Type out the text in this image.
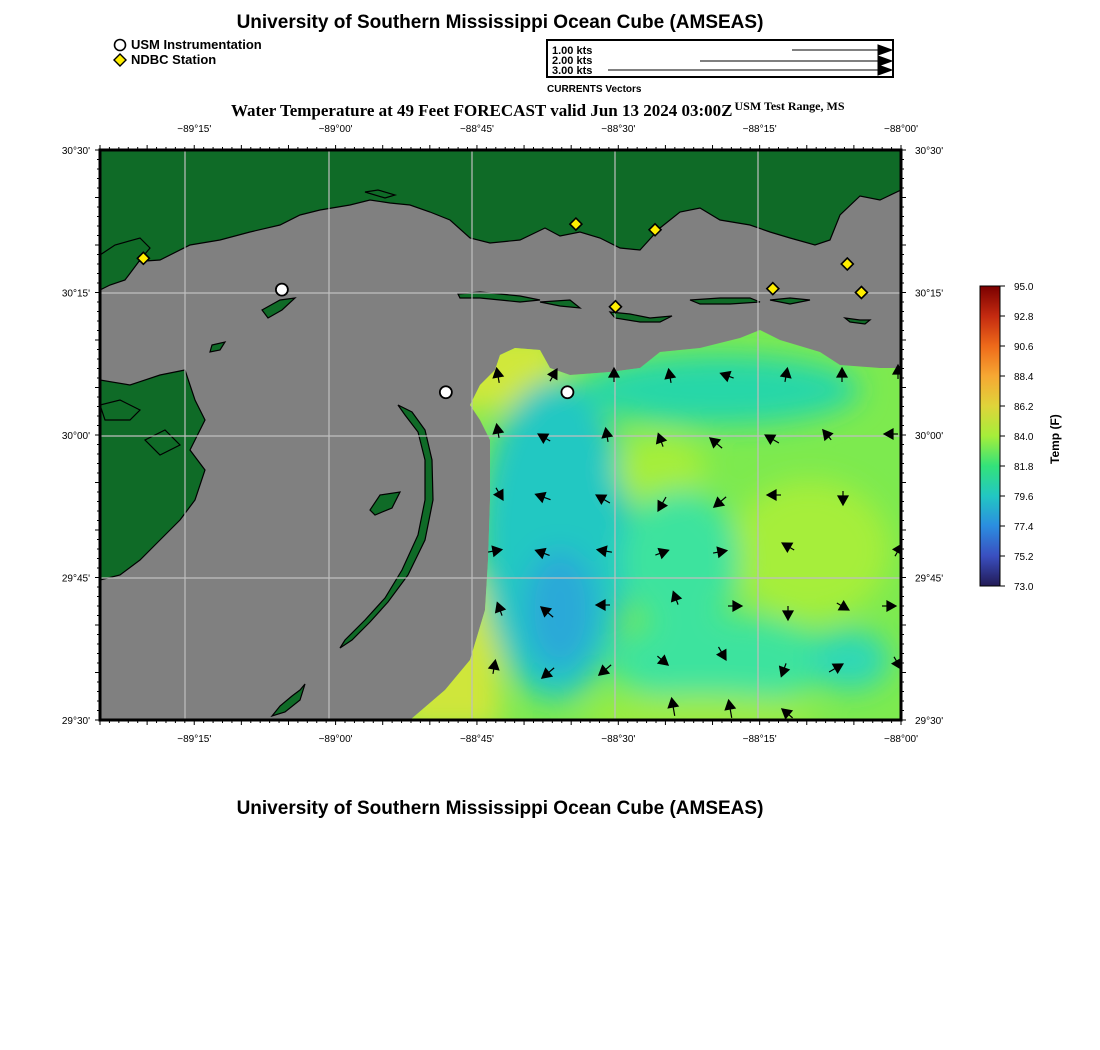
University of Southern Mississippi Ocean Cube (AMSEAS)
USM Instrumentation
NDBC Station
1.00 kts
2.00 kts
3.00 kts
CURRENTS Vectors
Water Temperature at 49 Feet FORECAST valid Jun 13 2024 03:00Z $^{USM Test Range, MS}$
−89°15'
−89°15'
−89°00'
−89°00'
−88°45'
−88°45'
−88°30'
−88°30'
−88°15'
−88°15'
−88°00'
−88°00'
30°30'	30°30'
30°15'	30°15'
30°00'	30°00'
29°45'	29°45'
29°30'	29°30'
95.0
92.8
90.6
88.4
86.2
84.0
81.8
79.6
77.4
75.2
73.0
Temp (F)
University of Southern Mississippi Ocean Cube (AMSEAS)
